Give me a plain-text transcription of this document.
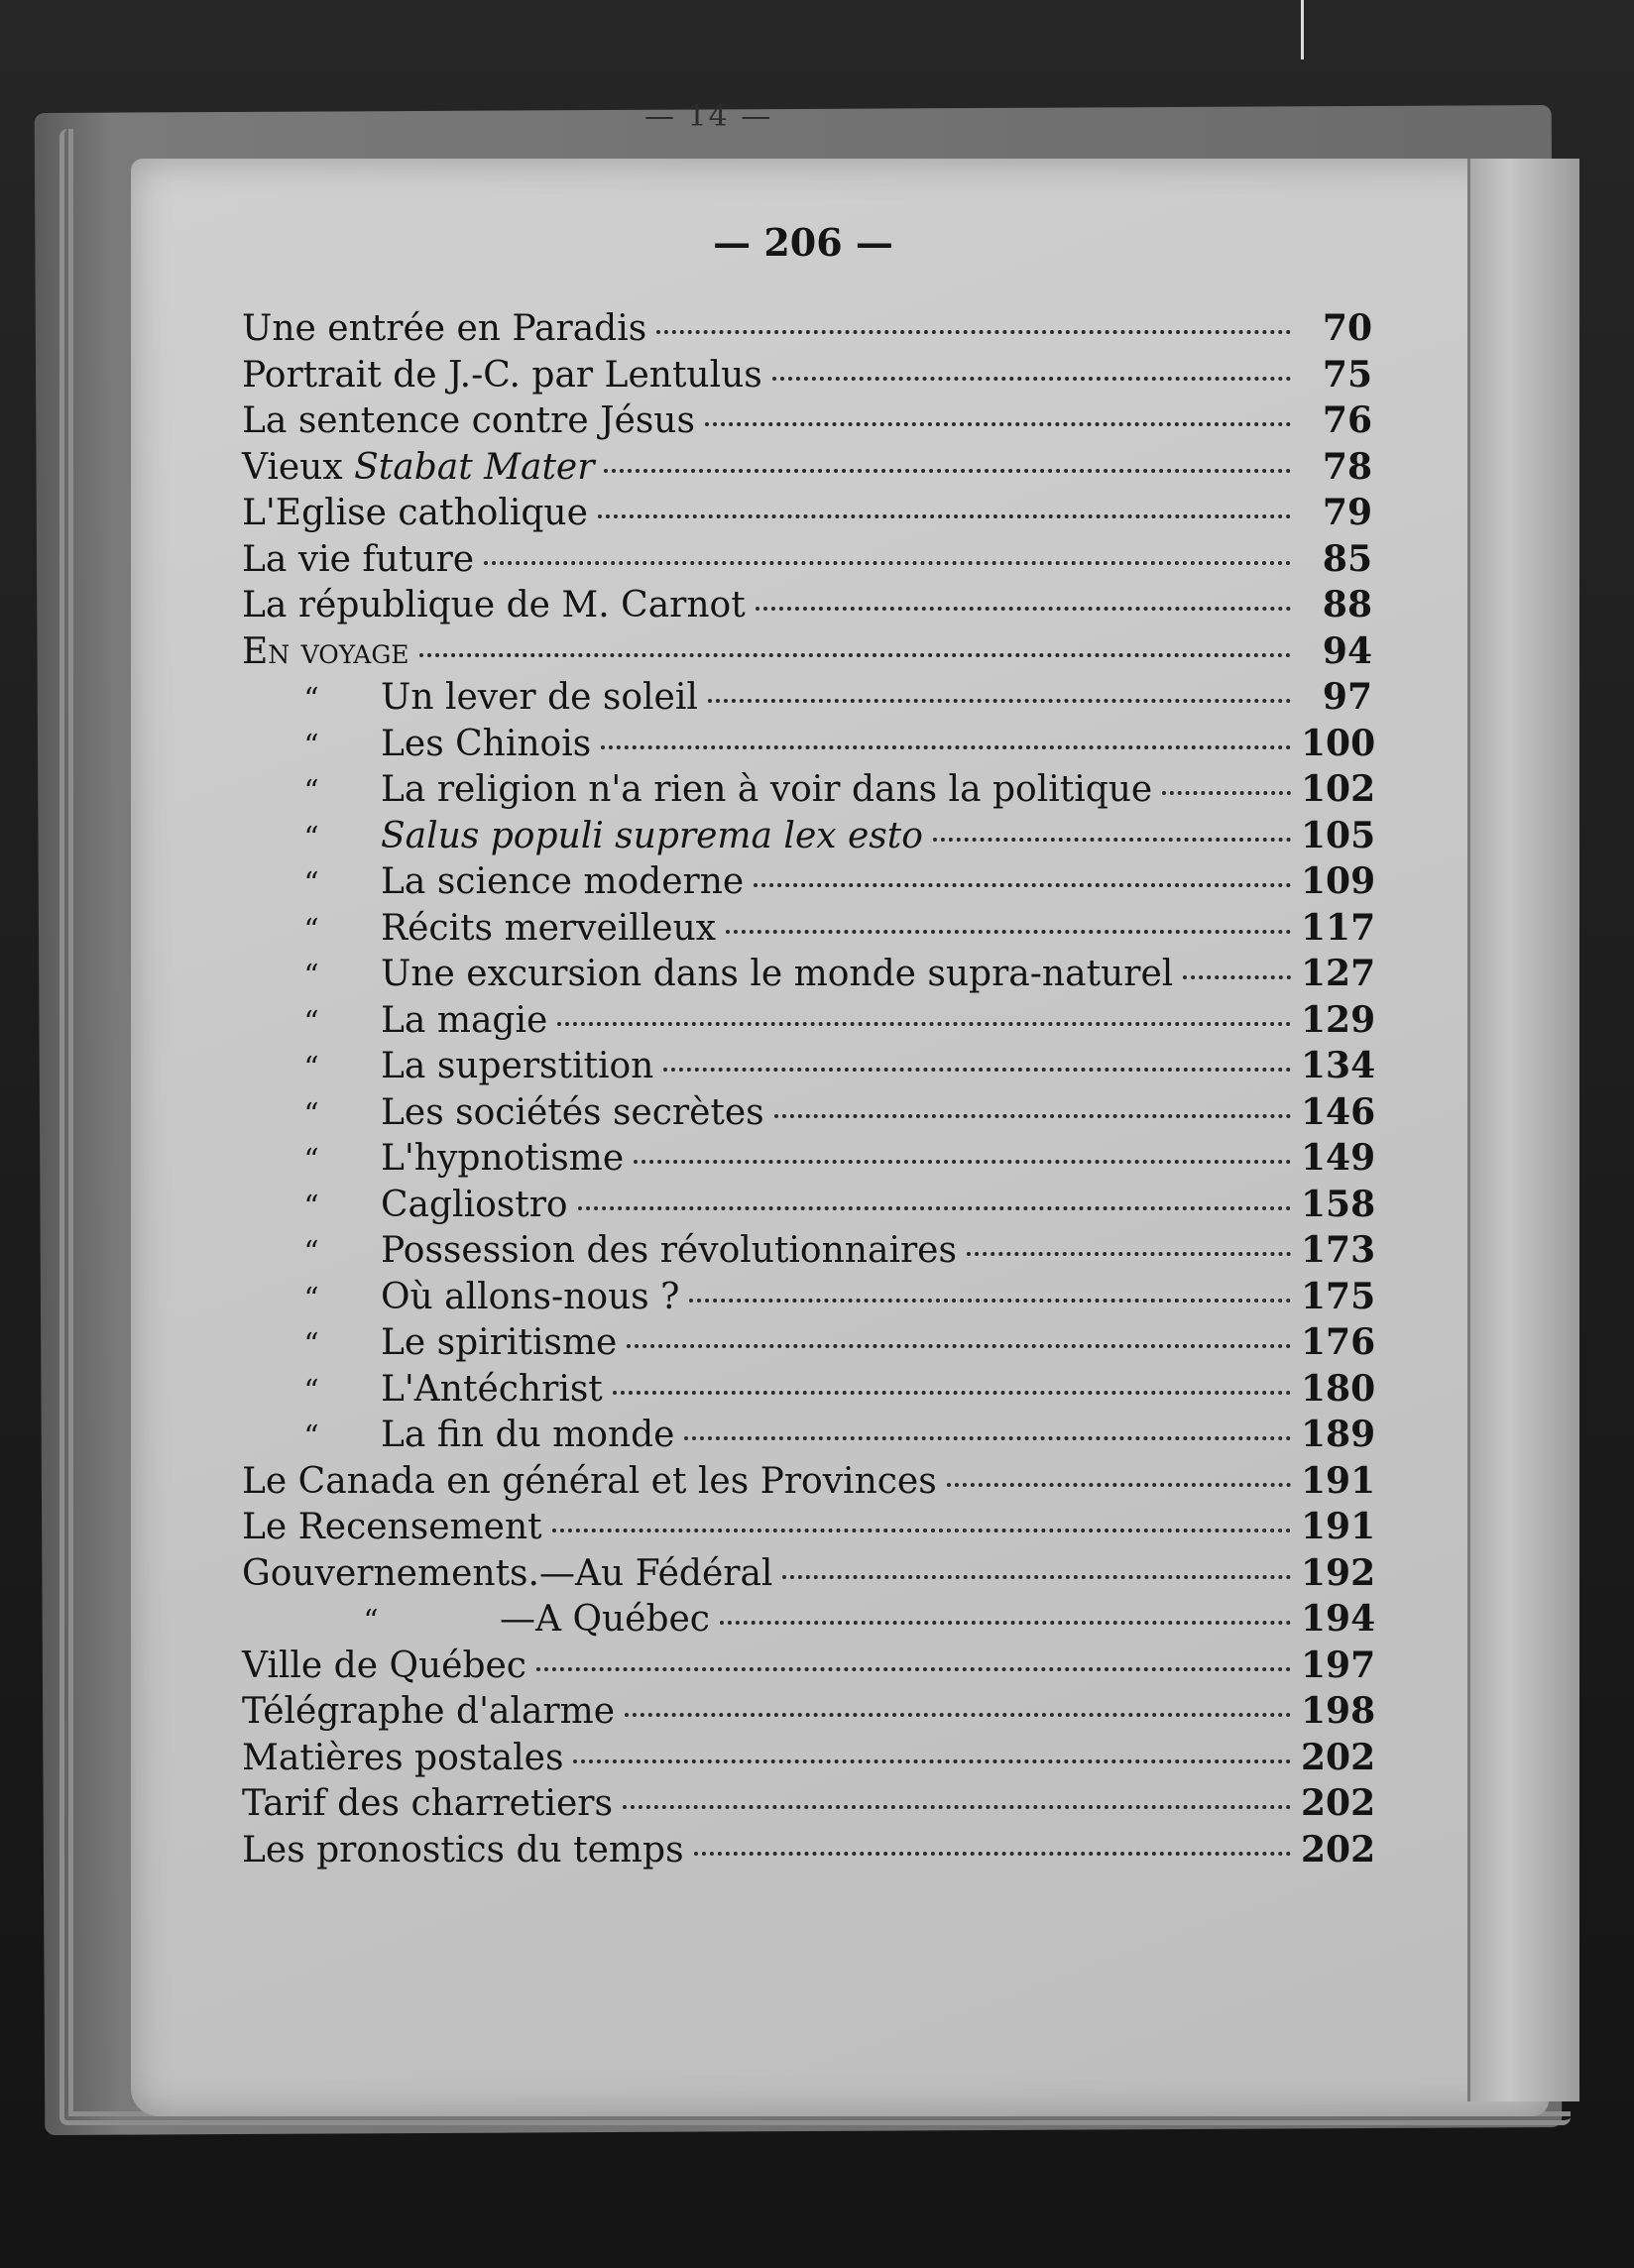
— 14 —
— 206 —
Une entrée en Paradis	70
Portrait de J.-C. par Lentulus	75
La sentence contre Jésus	76
Vieux Stabat Mater	78
L'Eglise catholique	79
La vie future	85
La république de M. Carnot	88
En voyage	94
“	Un lever de soleil	97
“	Les Chinois	100
“	La religion n'a rien à voir dans la politique	102
“	Salus populi suprema lex esto	105
“	La science moderne	109
“	Récits merveilleux	117
“	Une excursion dans le monde supra-naturel	127
“	La magie	129
“	La superstition	134
“	Les sociétés secrètes	146
“	L'hypnotisme	149
“	Cagliostro	158
“	Possession des révolutionnaires	173
“	Où allons-nous ?	175
“	Le spiritisme	176
“	L'Antéchrist	180
“	La fin du monde	189
Le Canada en général et les Provinces	191
Le Recensement	191
Gouvernements.—Au Fédéral	192
“	—A Québec	194
Ville de Québec	197
Télégraphe d'alarme	198
Matières postales	202
Tarif des charretiers	202
Les pronostics du temps	202
